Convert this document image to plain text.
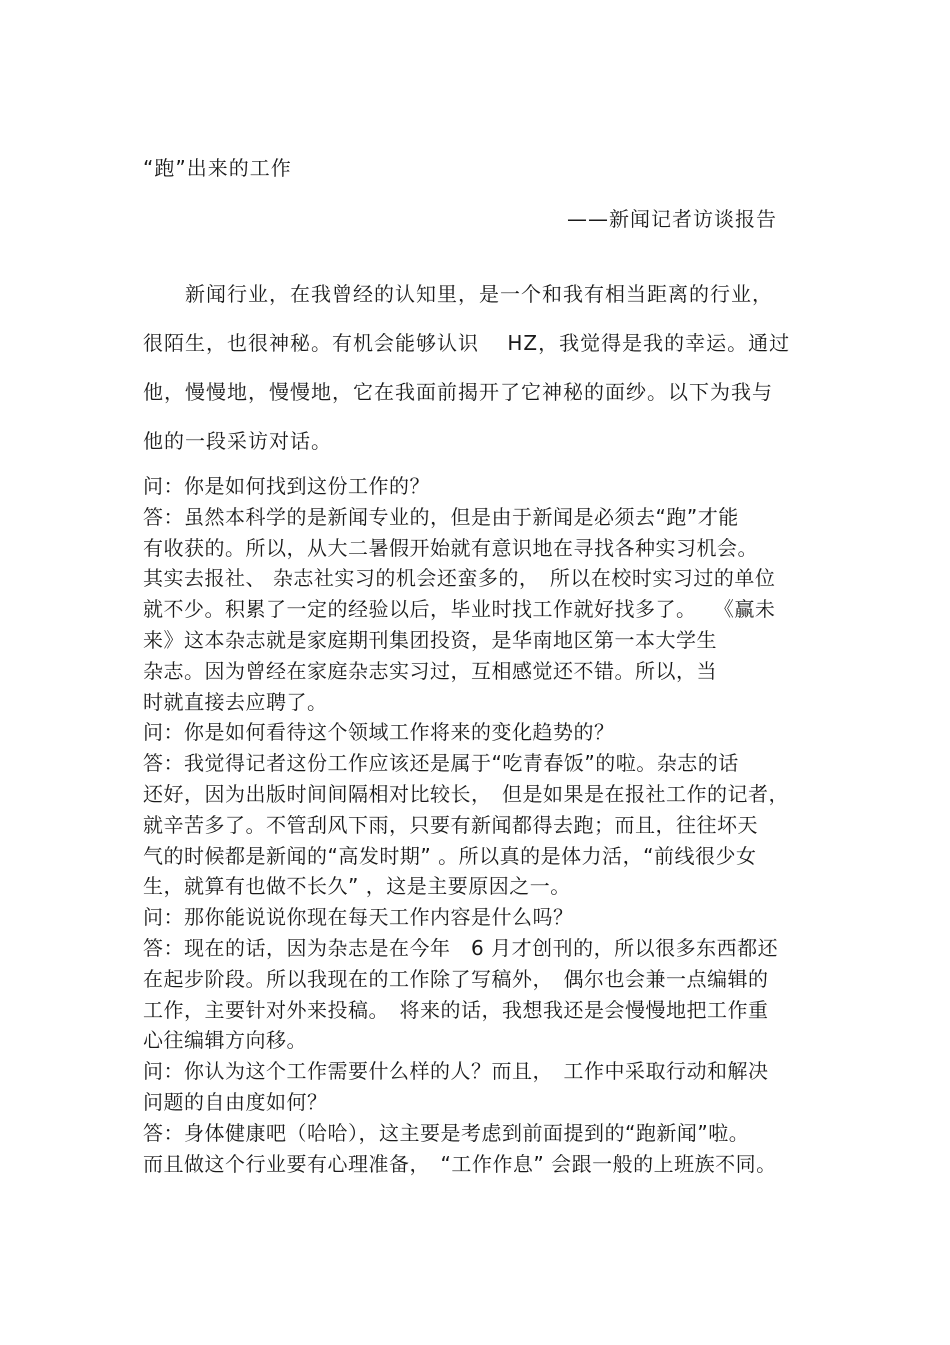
“跑”出来的工作
——新闻记者访谈报告
　　新闻行业，在我曾经的认知里，是一个和我有相当距离的行业，
很陌生，也很神秘。有机会能够认识　 HZ，我觉得是我的幸运。通过
他，慢慢地，慢慢地，它在我面前揭开了它神秘的面纱。以下为我与
他的一段采访对话。
问：你是如何找到这份工作的？
答：虽然本科学的是新闻专业的，但是由于新闻是必须去“跑”才能
有收获的。所以，从大二暑假开始就有意识地在寻找各种实习机会。
其实去报社、 杂志社实习的机会还蛮多的，　所以在校时实习过的单位
就不少。积累了一定的经验以后，毕业时找工作就好找多了。　 《赢未
来》这本杂志就是家庭期刊集团投资，是华南地区第一本大学生
杂志。因为曾经在家庭杂志实习过，互相感觉还不错。所以，当
时就直接去应聘了。
问：你是如何看待这个领域工作将来的变化趋势的？
答：我觉得记者这份工作应该还是属于“吃青春饭”的啦。杂志的话
还好，因为出版时间间隔相对比较长，　但是如果是在报社工作的记者，
就辛苦多了。不管刮风下雨，只要有新闻都得去跑；而且，往往坏天
气的时候都是新闻的“高发时期” 。所以真的是体力活，“前线很少女
生，就算有也做不长久” ，这是主要原因之一。
问：那你能说说你现在每天工作内容是什么吗？
答：现在的话，因为杂志是在今年　6 月才创刊的，所以很多东西都还
在起步阶段。所以我现在的工作除了写稿外，　偶尔也会兼一点编辑的
工作，主要针对外来投稿。　将来的话，我想我还是会慢慢地把工作重
心往编辑方向移。
问：你认为这个工作需要什么样的人？而且，　工作中采取行动和解决
问题的自由度如何？
答：身体健康吧（哈哈），这主要是考虑到前面提到的“跑新闻”啦。
而且做这个行业要有心理准备，　“工作作息” 会跟一般的上班族不同。
